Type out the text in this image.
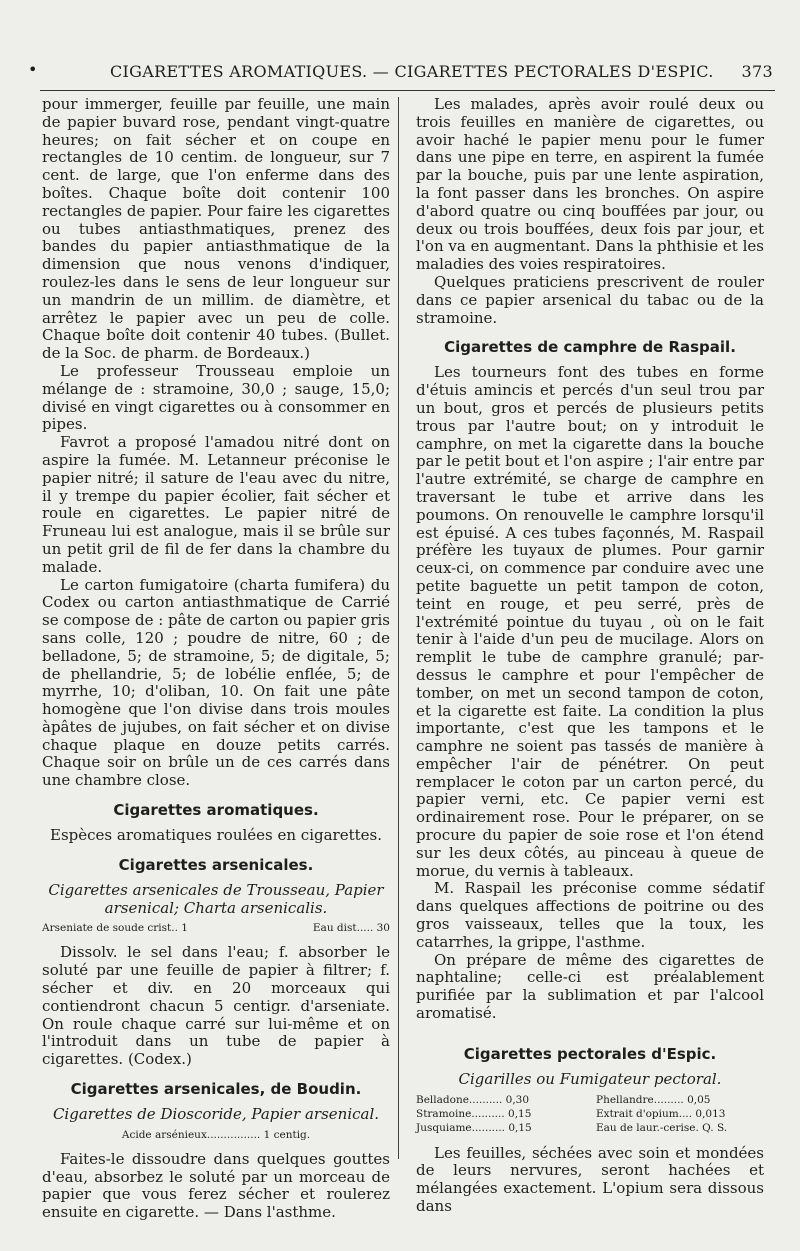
•	CIGARETTES AROMATIQUES. — CIGARETTES PECTORALES D'ESPIC. 373

pour immerger, feuille par feuille, une main de papier buvard rose, pendant vingt-quatre heures; on fait sécher et on coupe en rectangles de 10 centim. de longueur, sur 7 cent. de large, que l'on enferme dans des boîtes. Chaque boîte doit contenir 100 rectangles de papier. Pour faire les cigarettes ou tubes antiasthmatiques, prenez des bandes du papier antiasthmatique de la dimension que nous venons d'indiquer, roulez-les dans le sens de leur longueur sur un mandrin de un millim. de diamètre, et arrêtez le papier avec un peu de colle. Chaque boîte doit contenir 40 tubes. (Bullet. de la Soc. de pharm. de Bordeaux.)

Le professeur Trousseau emploie un mélange de : stramoine, 30,0 ; sauge, 15,0; divisé en vingt cigarettes ou à consommer en pipes.

Favrot a proposé l'amadou nitré dont on aspire la fumée. M. Letanneur préconise le papier nitré; il sature de l'eau avec du nitre, il y trempe du papier écolier, fait sécher et roule en cigarettes. Le papier nitré de Fruneau lui est analogue, mais il se brûle sur un petit gril de fil de fer dans la chambre du malade.

Le carton fumigatoire (charta fumifera) du Codex ou carton antiasthmatique de Carrié se compose de : pâte de carton ou papier gris sans colle, 120 ; poudre de nitre, 60 ; de belladone, 5; de stramoine, 5; de digitale, 5; de phellandrie, 5; de lobélie enflée, 5; de myrrhe, 10; d'oliban, 10. On fait une pâte homogène que l'on divise dans trois moules àpâtes de jujubes, on fait sécher et on divise chaque plaque en douze petits carrés. Chaque soir on brûle un de ces carrés dans une chambre close.

Cigarettes aromatiques.

Espèces aromatiques roulées en cigarettes.

Cigarettes arsenicales.
Cigarettes arsenicales de Trousseau, Papier
arsenical; Charta arsenicalis.
Arseniate de soude crist.. 1	Eau dist..... 30

Dissolv. le sel dans l'eau; f. absorber le soluté par une feuille de papier à filtrer; f. sécher et div. en 20 morceaux qui contiendront chacun 5 centigr. d'arseniate. On roule chaque carré sur lui-même et on l'introduit dans un tube de papier à cigarettes. (Codex.)

Cigarettes arsenicales, de Boudin.
Cigarettes de Dioscoride, Papier arsenical.
Acide arsénieux................ 1 centig.

Faites-le dissoudre dans quelques gouttes d'eau, absorbez le soluté par un morceau de papier que vous ferez sécher et roulerez ensuite en cigarette. — Dans l'asthme.

Les malades, après avoir roulé deux ou trois feuilles en manière de cigarettes, ou avoir haché le papier menu pour le fumer dans une pipe en terre, en aspirent la fumée par la bouche, puis par une lente aspiration, la font passer dans les bronches. On aspire d'abord quatre ou cinq bouffées par jour, ou deux ou trois bouffées, deux fois par jour, et l'on va en augmentant. Dans la phthisie et les maladies des voies respiratoires.

Quelques praticiens prescrivent de rouler dans ce papier arsenical du tabac ou de la stramoine.

Cigarettes de camphre de Raspail.

Les tourneurs font des tubes en forme d'étuis amincis et percés d'un seul trou par un bout, gros et percés de plusieurs petits trous par l'autre bout; on y introduit le camphre, on met la cigarette dans la bouche par le petit bout et l'on aspire ; l'air entre par l'autre extrémité, se charge de camphre en traversant le tube et arrive dans les poumons. On renouvelle le camphre lorsqu'il est épuisé. A ces tubes façonnés, M. Raspail préfère les tuyaux de plumes. Pour garnir ceux-ci, on commence par conduire avec une petite baguette un petit tampon de coton, teint en rouge, et peu serré, près de l'extrémité pointue du tuyau , où on le fait tenir à l'aide d'un peu de mucilage. Alors on remplit le tube de camphre granulé; par-dessus le camphre et pour l'empêcher de tomber, on met un second tampon de coton, et la cigarette est faite. La condition la plus importante, c'est que les tampons et le camphre ne soient pas tassés de manière à empêcher l'air de pénétrer. On peut remplacer le coton par un carton percé, du papier verni, etc. Ce papier verni est ordinairement rose. Pour le préparer, on se procure du papier de soie rose et l'on étend sur les deux côtés, au pinceau à queue de morue, du vernis à tableaux.

M. Raspail les préconise comme sédatif dans quelques affections de poitrine ou des gros vaisseaux, telles que la toux, les catarrhes, la grippe, l'asthme.

On prépare de même des cigarettes de naphtaline; celle-ci est préalablement purifiée par la sublimation et par l'alcool aromatisé.

Cigarettes pectorales d'Espic.
Cigarilles ou Fumigateur pectoral.
Belladone.......... 0,30	Phellandre......... 0,05
Stramoine.......... 0,15	Extrait d'opium.... 0,013
Jusquiame.......... 0,15	Eau de laur.-cerise. Q. S.

Les feuilles, séchées avec soin et mondées de leurs nervures, seront hachées et mélangées exactement. L'opium sera dissous dans
